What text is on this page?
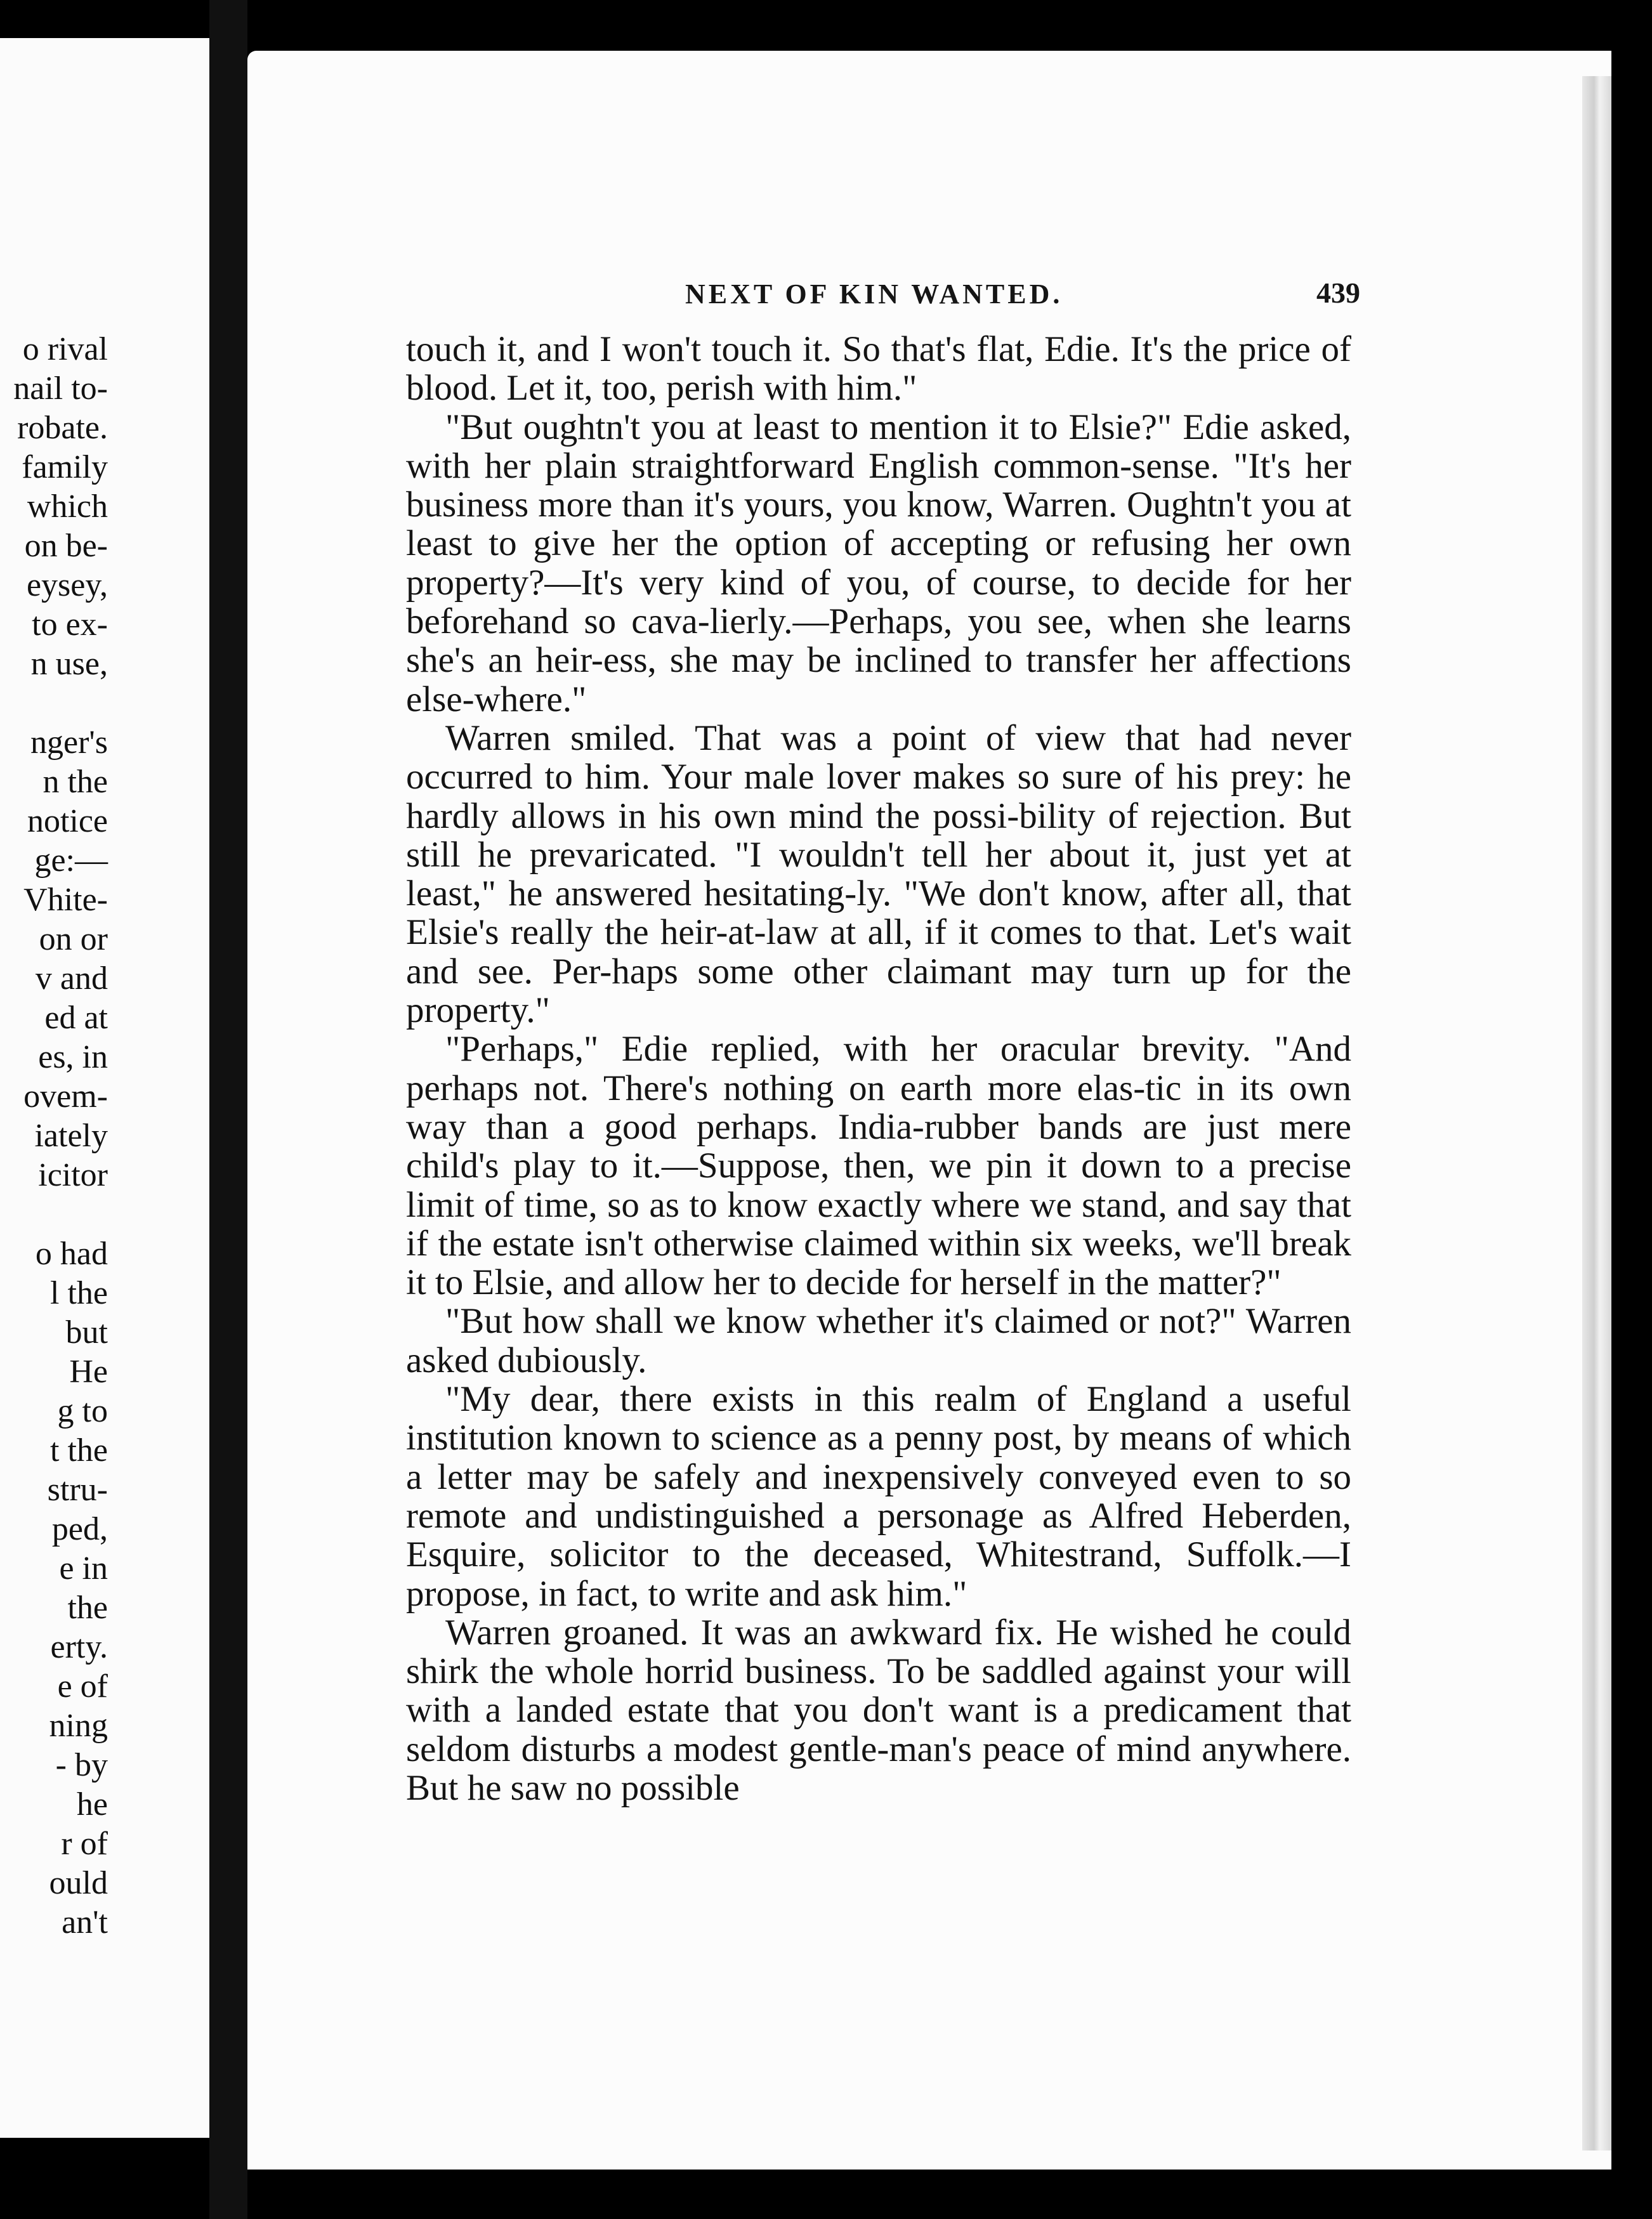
o rival
nail to-
robate.
family
which
on be-
eysey,
to ex-
n use,
nger's
n the
notice
ge:—
Vhite-
on or
v and
ed at
es, in
ovem-
iately
icitor
o had
l the
but
He
g to
t the
stru-
ped,
e in
the
erty.
e of
ning
- by
he
r of
ould
an't
NEXT OF KIN WANTED.	439

touch it, and I won't touch it. So that's flat, Edie. It's the price of blood. Let it, too, perish with him."

"But oughtn't you at least to mention it to Elsie?" Edie asked, with her plain straightforward English common-sense. "It's her business more than it's yours, you know, Warren. Oughtn't you at least to give her the option of accepting or refusing her own property?—It's very kind of you, of course, to decide for her beforehand so cava-lierly.—Perhaps, you see, when she learns she's an heir-ess, she may be inclined to transfer her affections else-where."

Warren smiled. That was a point of view that had never occurred to him. Your male lover makes so sure of his prey: he hardly allows in his own mind the possi-bility of rejection. But still he prevaricated. "I wouldn't tell her about it, just yet at least," he answered hesitating-ly. "We don't know, after all, that Elsie's really the heir-at-law at all, if it comes to that. Let's wait and see. Per-haps some other claimant may turn up for the property."

"Perhaps," Edie replied, with her oracular brevity. "And perhaps not. There's nothing on earth more elas-tic in its own way than a good perhaps. India-rubber bands are just mere child's play to it.—Suppose, then, we pin it down to a precise limit of time, so as to know exactly where we stand, and say that if the estate isn't otherwise claimed within six weeks, we'll break it to Elsie, and allow her to decide for herself in the matter?"

"But how shall we know whether it's claimed or not?" Warren asked dubiously.

"My dear, there exists in this realm of England a useful institution known to science as a penny post, by means of which a letter may be safely and inexpensively conveyed even to so remote and undistinguished a personage as Alfred Heberden, Esquire, solicitor to the deceased, Whitestrand, Suffolk.—I propose, in fact, to write and ask him."

Warren groaned. It was an awkward fix. He wished he could shirk the whole horrid business. To be saddled against your will with a landed estate that you don't want is a predicament that seldom disturbs a modest gentle-man's peace of mind anywhere. But he saw no possible
